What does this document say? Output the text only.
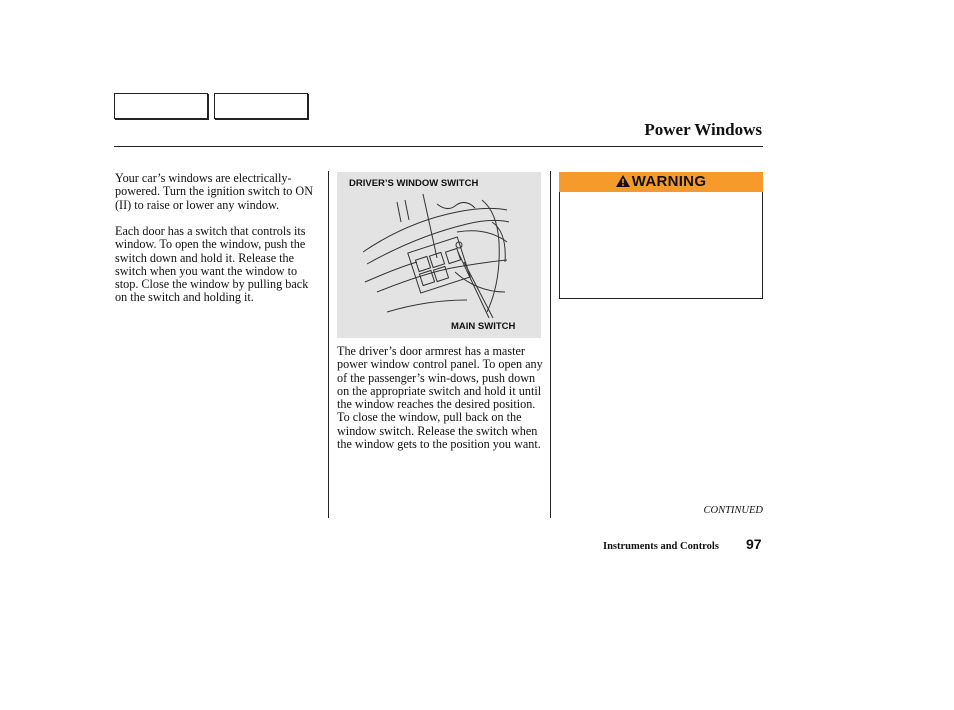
Power Windows

Your car’s windows are electrically-powered. Turn the ignition switch to ON (II) to raise or lower any window.

Each door has a switch that controls its window. To open the window, push the switch down and hold it. Release the switch when you want the window to stop. Close the window by pulling back on the switch and holding it.

DRIVER’S WINDOW SWITCH
MAIN SWITCH

The driver’s door armrest has a master power window control panel. To open any of the passenger’s win-dows, push down on the appropriate switch and hold it until the window reaches the desired position. To close the window, pull back on the window switch. Release the switch when the window gets to the position you want.

WARNING
CONTINUED
Instruments and Controls 97
